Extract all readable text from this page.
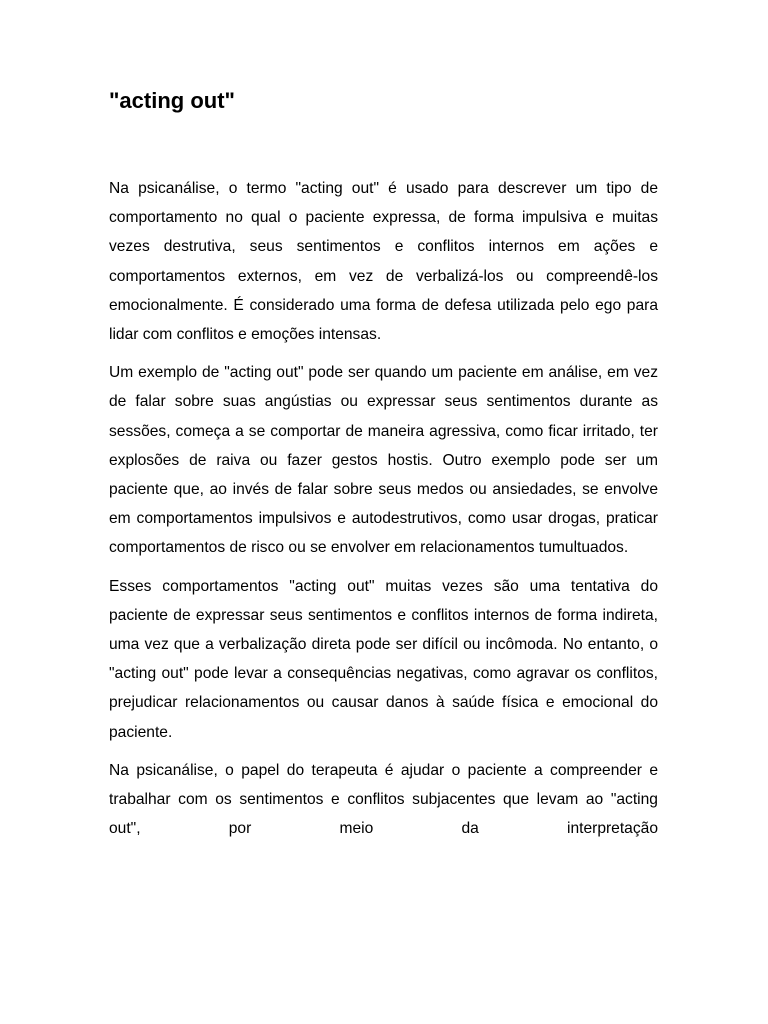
"acting out"

Na psicanálise, o termo "acting out" é usado para descrever um tipo de comportamento no qual o paciente expressa, de forma impulsiva e muitas vezes destrutiva, seus sentimentos e conflitos internos em ações e comportamentos externos, em vez de verbalizá-los ou compreendê-los emocionalmente. É considerado uma forma de defesa utilizada pelo ego para lidar com conflitos e emoções intensas.

Um exemplo de "acting out" pode ser quando um paciente em análise, em vez de falar sobre suas angústias ou expressar seus sentimentos durante as sessões, começa a se comportar de maneira agressiva, como ficar irritado, ter explosões de raiva ou fazer gestos hostis. Outro exemplo pode ser um paciente que, ao invés de falar sobre seus medos ou ansiedades, se envolve em comportamentos impulsivos e autodestrutivos, como usar drogas, praticar comportamentos de risco ou se envolver em relacionamentos tumultuados.

Esses comportamentos "acting out" muitas vezes são uma tentativa do paciente de expressar seus sentimentos e conflitos internos de forma indireta, uma vez que a verbalização direta pode ser difícil ou incômoda. No entanto, o "acting out" pode levar a consequências negativas, como agravar os conflitos, prejudicar relacionamentos ou causar danos à saúde física e emocional do paciente.

Na psicanálise, o papel do terapeuta é ajudar o paciente a compreender e trabalhar com os sentimentos e conflitos subjacentes que levam ao "acting out", por meio da interpretação
